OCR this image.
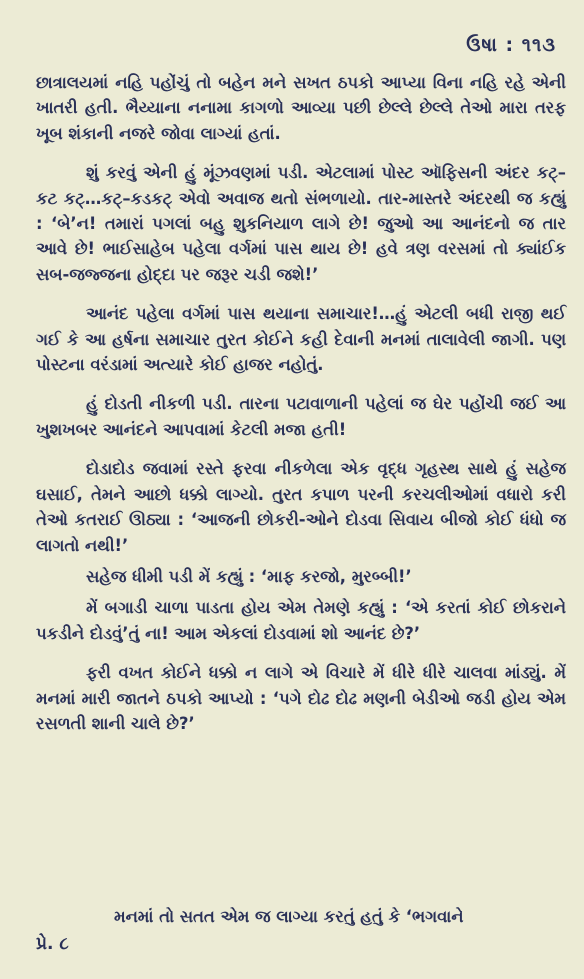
ઉષા : ૧૧૩

છાત્રાલયમાં નહિ પહોંચું તો બહેન મને સખત ઠપકો આપ્યા વિના નહિ રહે એની ખાતરી હતી. ભૈય્યાના નનામા કાગળો આવ્યા પછી છેલ્લે છેલ્લે તેઓ મારા તરફ ખૂબ શંકાની નજરે જોવા લાગ્યાં હતાં.

શું કરવું એની હું મૂંઝવણમાં પડી. એટલામાં પોસ્ટ ઑફિસની અંદર કટ્–કટ કટ્…કટ્–કડકટ્ એવો અવાજ થતો સંભળાયો. તાર-માસ્તરે અંદરથી જ કહ્યું : ‘બે’ન! તમારાં પગલાં બહુ શુકનિયાળ લાગે છે! જુઓ આ આનંદનો જ તાર આવે છે! ભાઈસાહેબ પહેલા વર્ગમાં પાસ થાય છે! હવે ત્રણ વરસમાં તો ક્યાંઈક સબ-જજ્જના હોદ્દા પર જરૂર ચડી જશે!’

આનંદ પહેલા વર્ગમાં પાસ થયાના સમાચાર!…હું એટલી બધી રાજી થઈ ગઈ કે આ હર્ષના સમાચાર તુરત કોઈને કહી દેવાની મનમાં તાલાવેલી જાગી. પણ પોસ્ટના વરંડામાં અત્યારે કોઈ હાજર નહોતું.

હું દોડતી નીકળી પડી. તારના પટાવાળાની પહેલાં જ ઘેર પહોંચી જઈ આ ખુશખબર આનંદને આપવામાં કેટલી મજા હતી!

દોડાદોડ જવામાં રસ્તે ફરવા નીકળેલા એક વૃદ્ધ ગૃહસ્થ સાથે હું સહેજ ઘસાઈ, તેમને આછો ધક્કો લાગ્યો. તુરત કપાળ પરની કરચલીઓમાં વધારો કરી તેઓ કતરાઈ ઊઠ્યા : ‘આજની છોકરી-ઓને દોડવા સિવાય બીજો કોઈ ધંધો જ લાગતો નથી!’

સહેજ ધીમી પડી મેં કહ્યું : ‘માફ કરજો, મુરબ્બી!’

મેં બગાડી ચાળા પાડતા હોય એમ તેમણે કહ્યું : ‘એ કરતાં કોઈ છોકરાને પકડીને દોડવું’તું ના! આમ એકલાં દોડવામાં શો આનંદ છે?’

ફરી વખત કોઈને ધક્કો ન લાગે એ વિચારે મેં ધીરે ધીરે ચાલવા માંડ્યું. મેં મનમાં મારી જાતને ઠપકો આપ્યો : ‘પગે દોઢ દોઢ મણની બેડીઓ જડી હોય એમ રસળતી શાની ચાલે છે?’

મનમાં તો સતત એમ જ લાગ્યા કરતું હતું કે ‘ભગવાને
પ્રે. ૮
